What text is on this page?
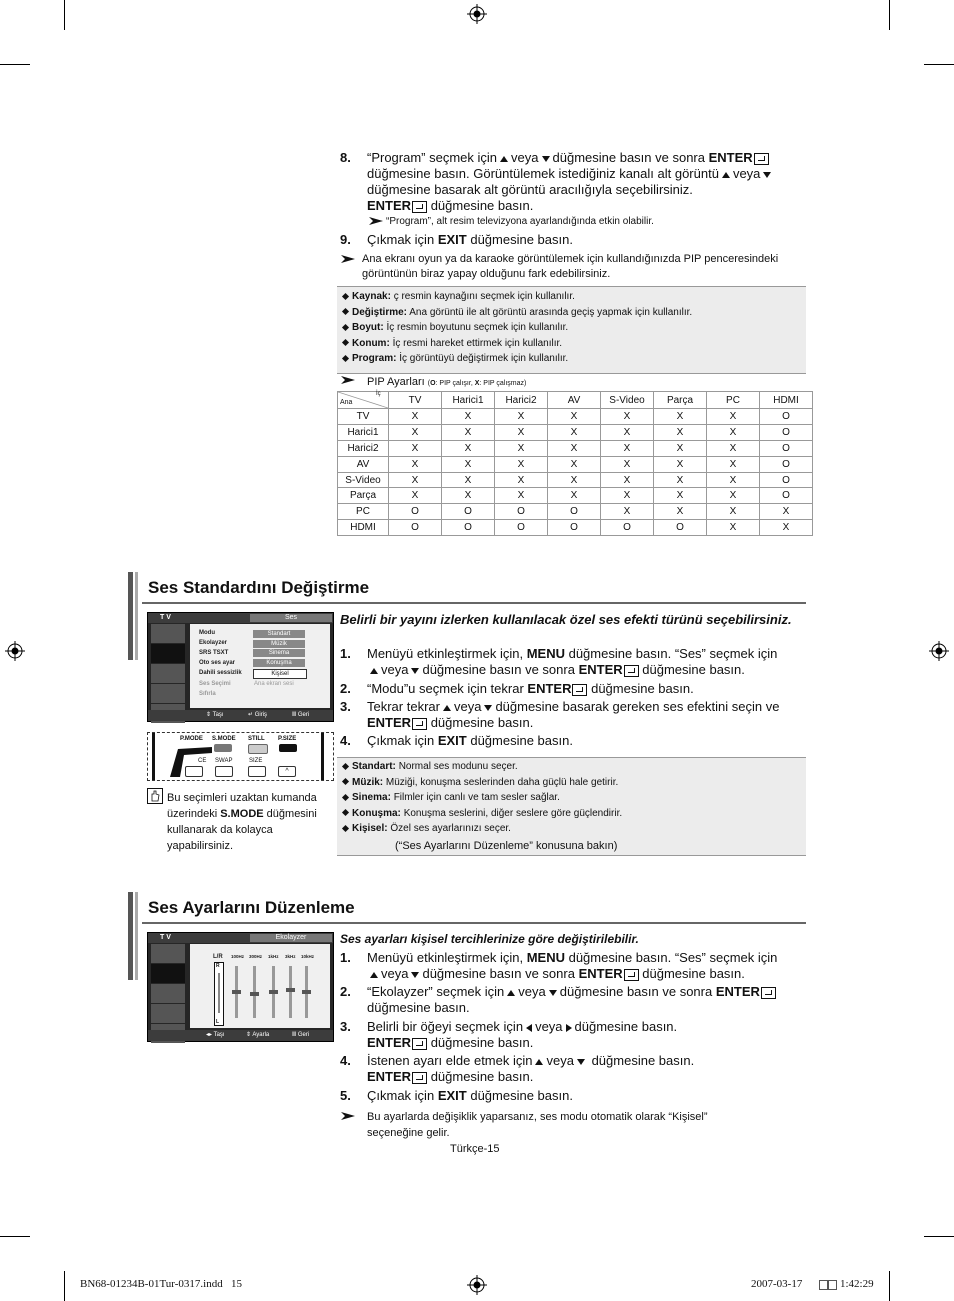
8. “Program” seçmek için veya düğmesine basın ve sonra ENTER düğmesine basın. Görüntülemek istediğiniz kanalı alt görüntü veya düğmesine basarak alt görüntü aracılığıyla seçebilirsiniz.
ENTER düğmesine basın.
“Program”, alt resim televizyona ayarlandığında etkin olabilir.
9. Çıkmak için EXIT düğmesine basın.
Ana ekranı oyun ya da karaoke görüntülemek için kullandığınızda PIP penceresindeki
görüntünün biraz yapay olduğunu fark edebilirsiniz.
Kaynak: ç resmin kaynağını seçmek için kullanılır.
Değiştirme: Ana görüntü ile alt görüntü arasında geçiş yapmak için kullanılır.
Boyut: İç resmin boyutunu seçmek için kullanılır.
Konum: İç resmi hareket ettirmek için kullanılır.
Program: İç görüntüyü değiştirmek için kullanılır.
PIP Ayarları (O: PIP çalışır, X: PIP çalışmaz)
İç
Ana	TV	Harici1	Harici2	AV	S-Video	Parça	PC	HDMI
TV	X	X	X	X	X	X	X	O
Harici1	X	X	X	X	X	X	X	O
Harici2	X	X	X	X	X	X	X	O
AV	X	X	X	X	X	X	X	O
S-Video	X	X	X	X	X	X	X	O
Parça	X	X	X	X	X	X	X	O
PC	O	O	O	O	X	X	X	X
HDMI	O	O	O	O	O	O	X	X
Ses Standardını Değiştirme
T V	Ses
Modu
Ekolayzer
SRS TSXT
Oto ses ayar
Dahili sessizlik
Ses Seçimi
Sıfırla
Standart
Müzik
Sinema
Konuşma
Kişisel
Ana ekran sesi
⇕ Taşı	↵ Giriş	Ⅲ Geri
P.MODE S.MODE STILL P.SIZE
CE SWAP	SIZE
^
Bu seçimleri uzaktan kumanda üzerindeki S.MODE düğmesini kullanarak da kolayca yapabilirsiniz.
Belirli bir yayını izlerken kullanılacak özel ses efekti türünü seçebilirsiniz.
1. Menüyü etkinleştirmek için, MENU düğmesine basın. “Ses” seçmek için
veya düğmesine basın ve sonra ENTER düğmesine basın.
2. “Modu”u seçmek için tekrar ENTER düğmesine basın.
3. Tekrar tekrar veya düğmesine basarak gereken ses efektini seçin ve
ENTER düğmesine basın.
4. Çıkmak için EXIT düğmesine basın.
Standart: Normal ses modunu seçer.
Müzik: Müziği, konuşma seslerinden daha güçlü hale getirir.
Sinema: Filmler için canlı ve tam sesler sağlar.
Konuşma: Konuşma seslerini, diğer seslere göre güçlendirir.
Kişisel: Özel ses ayarlarınızı seçer.
(“Ses Ayarlarını Düzenleme” konusuna bakın)
Ses Ayarlarını Düzenleme
T V	Ekolayzer
L/R 100Hz 300Hz 1kHz 3kHz 10kHz
R
L
◂▸ Taşı	⇕ Ayarla	Ⅲ Geri
Ses ayarları kişisel tercihlerinize göre değiştirilebilir.
1. Menüyü etkinleştirmek için, MENU düğmesine basın. “Ses” seçmek için
veya düğmesine basın ve sonra ENTER düğmesine basın.
2. “Ekolayzer” seçmek için veya düğmesine basın ve sonra ENTER
düğmesine basın.
3. Belirli bir öğeyi seçmek için veya düğmesine basın.
ENTER düğmesine basın.
4. İstenen ayarı elde etmek için veya düğmesine basın.
ENTER düğmesine basın.
5. Çıkmak için EXIT düğmesine basın.
Bu ayarlarda değişiklik yaparsanız, ses modu otomatik olarak “Kişisel”
seçeneğine gelir.
Türkçe-15
BN68-01234B-01Tur-0317.indd   15	2007-03-17	1:42:29
